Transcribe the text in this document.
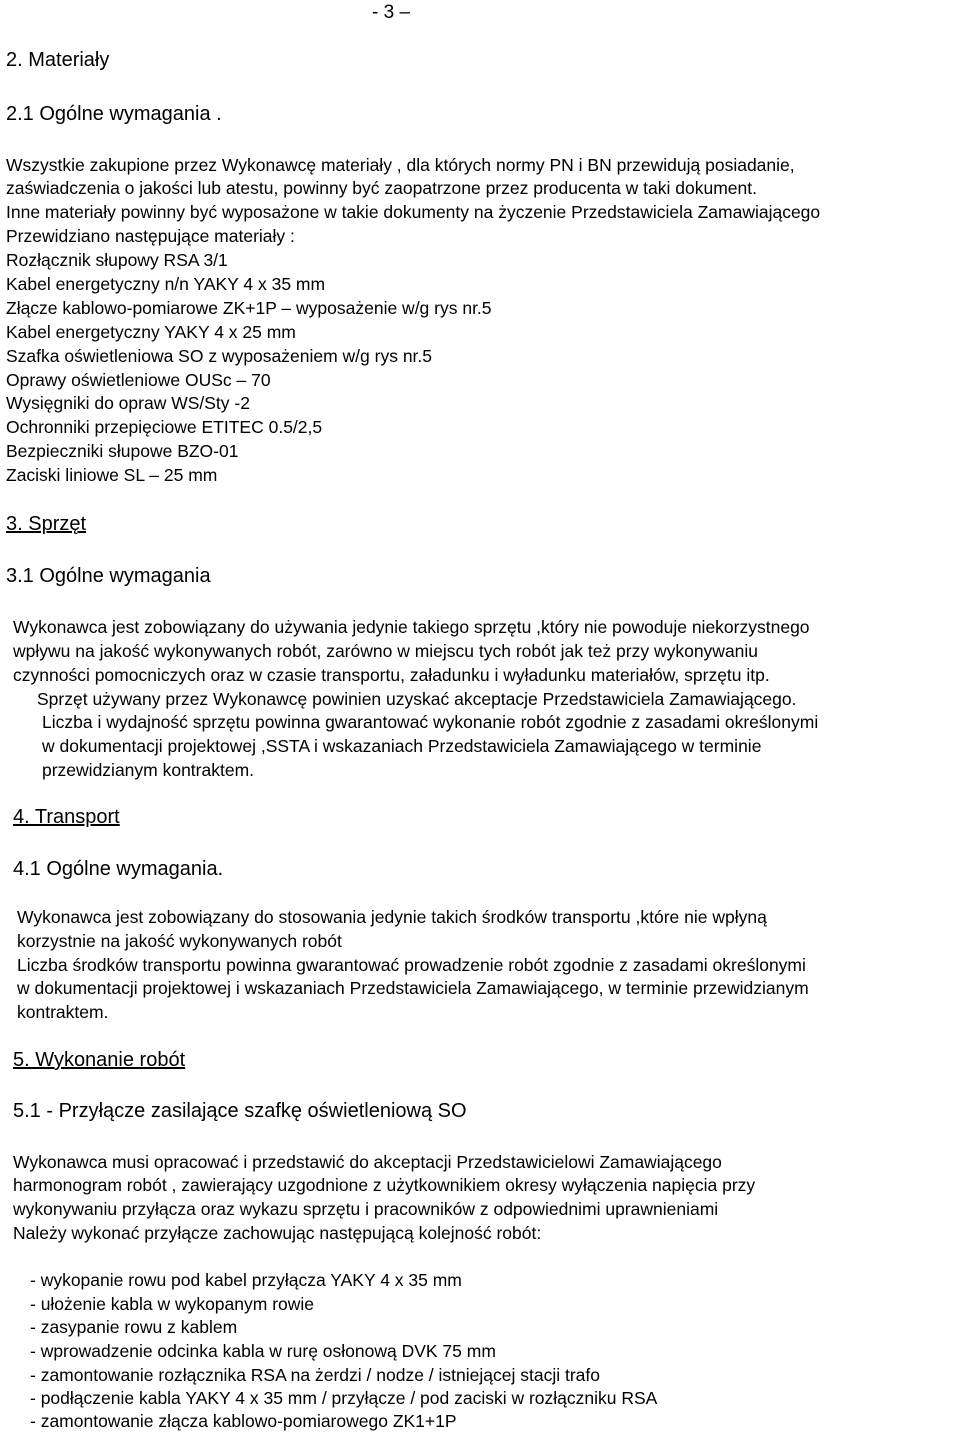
- 3 –
2. Materiały
2.1 Ogólne wymagania .
Wszystkie zakupione przez Wykonawcę materiały , dla których normy PN i BN przewidują posiadanie,
zaświadczenia o jakości lub atestu, powinny być zaopatrzone przez producenta w taki dokument.
Inne materiały powinny być wyposażone w takie dokumenty na życzenie Przedstawiciela Zamawiającego
Przewidziano następujące materiały :
Rozłącznik słupowy RSA 3/1
Kabel energetyczny n/n YAKY 4 x 35 mm
Złącze kablowo-pomiarowe ZK+1P – wyposażenie w/g rys nr.5
Kabel energetyczny YAKY 4 x 25 mm
Szafka oświetleniowa SO z wyposażeniem w/g rys nr.5
Oprawy oświetleniowe OUSc – 70
Wysięgniki do opraw WS/Sty -2
Ochronniki przepięciowe ETITEC 0.5/2,5
Bezpieczniki słupowe BZO-01
Zaciski liniowe SL – 25 mm
3. Sprzęt
3.1 Ogólne wymagania
Wykonawca jest zobowiązany do używania jedynie takiego sprzętu ,który nie powoduje niekorzystnego
wpływu na jakość wykonywanych robót, zarówno w miejscu tych robót jak też przy wykonywaniu
czynności pomocniczych oraz w czasie transportu, załadunku i wyładunku materiałów, sprzętu itp.
Sprzęt używany przez Wykonawcę powinien uzyskać akceptacje Przedstawiciela Zamawiającego.
Liczba i wydajność sprzętu powinna gwarantować wykonanie robót zgodnie z zasadami określonymi
w dokumentacji projektowej ,SSTA i wskazaniach Przedstawiciela Zamawiającego w terminie
przewidzianym kontraktem.
4. Transport
4.1 Ogólne wymagania.
Wykonawca jest zobowiązany do stosowania jedynie takich środków transportu ,które nie wpłyną
korzystnie na jakość wykonywanych robót
Liczba środków transportu powinna gwarantować prowadzenie robót zgodnie z zasadami określonymi
w dokumentacji projektowej i wskazaniach Przedstawiciela Zamawiającego, w terminie przewidzianym
kontraktem.
5. Wykonanie robót
5.1 - Przyłącze zasilające szafkę oświetleniową SO
Wykonawca musi opracować i przedstawić do akceptacji Przedstawicielowi Zamawiającego
harmonogram robót , zawierający uzgodnione z użytkownikiem okresy wyłączenia napięcia przy
wykonywaniu przyłącza oraz wykazu sprzętu i pracowników z odpowiednimi uprawnieniami
Należy wykonać przyłącze zachowując następującą kolejność robót:
- wykopanie rowu pod kabel przyłącza YAKY 4 x 35 mm
- ułożenie kabla w wykopanym rowie
- zasypanie rowu z kablem
- wprowadzenie odcinka kabla w rurę osłonową DVK 75 mm
- zamontowanie rozłącznika RSA na żerdzi / nodze / istniejącej stacji trafo
- podłączenie kabla YAKY 4 x 35 mm / przyłącze / pod zaciski w rozłączniku RSA
- zamontowanie złącza kablowo-pomiarowego ZK1+1P
